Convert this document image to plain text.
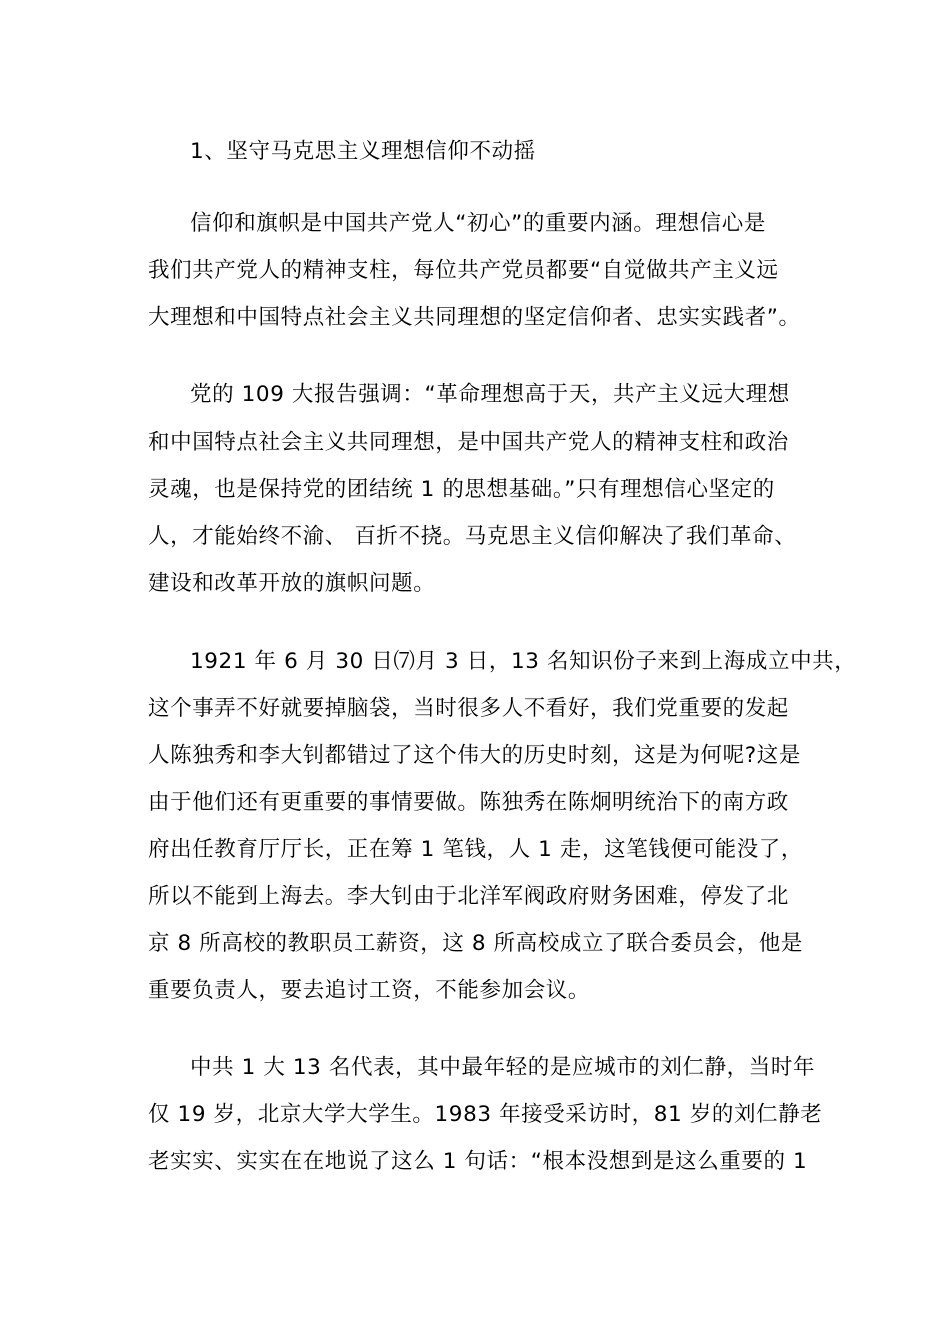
1、坚守马克思主义理想信仰不动摇
信仰和旗帜是中国共产党人“初心”的重要内涵。理想信心是
我们共产党人的精神支柱，每位共产党员都要“自觉做共产主义远
大理想和中国特点社会主义共同理想的坚定信仰者、忠实实践者”。
党的 109 大报告强调：“革命理想高于天，共产主义远大理想
和中国特点社会主义共同理想，是中国共产党人的精神支柱和政治
灵魂，也是保持党的团结统 1 的思想基础。”只有理想信心坚定的
人，才能始终不渝、 百折不挠。马克思主义信仰解决了我们革命、
建设和改革开放的旗帜问题。
1921 年 6 月 30 日⑺月 3 日，13 名知识份子来到上海成立中共，
这个事弄不好就要掉脑袋，当时很多人不看好，我们党重要的发起
人陈独秀和李大钊都错过了这个伟大的历史时刻，这是为何呢?这是
由于他们还有更重要的事情要做。陈独秀在陈炯明统治下的南方政
府出任教育厅厅长，正在筹 1 笔钱，人 1 走，这笔钱便可能没了，
所以不能到上海去。李大钊由于北洋军阀政府财务困难，停发了北
京 8 所高校的教职员工薪资，这 8 所高校成立了联合委员会，他是
重要负责人，要去追讨工资，不能参加会议。
中共 1 大 13 名代表，其中最年轻的是应城市的刘仁静，当时年
仅 19 岁，北京大学大学生。1983 年接受采访时，81 岁的刘仁静老
老实实、实实在在地说了这么 1 句话：“根本没想到是这么重要的 1
